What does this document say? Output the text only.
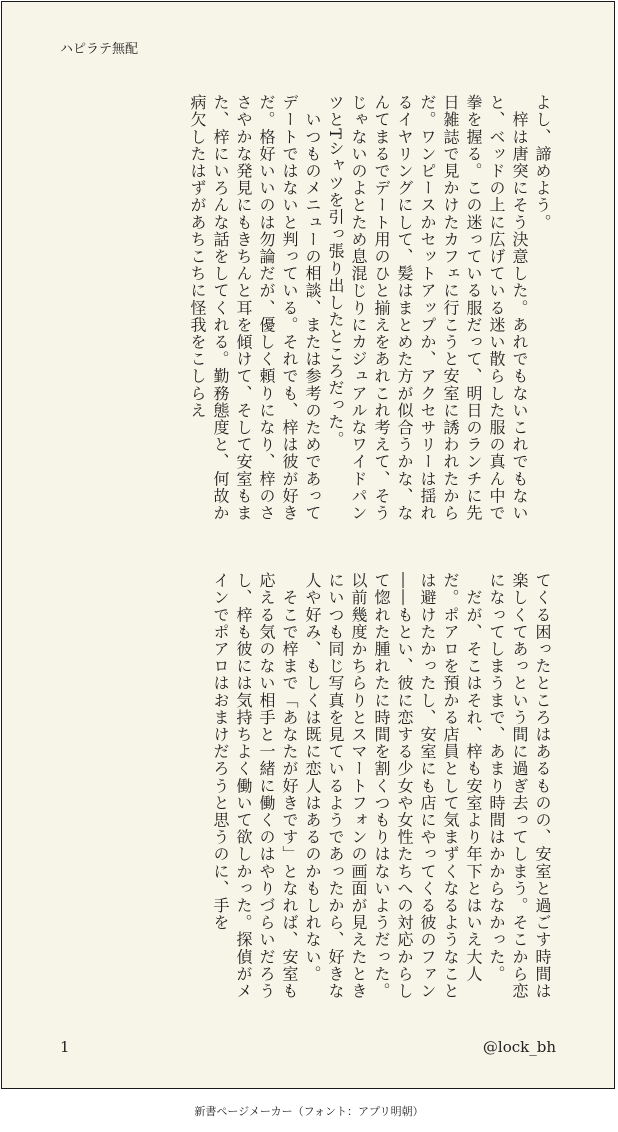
ハピラテ無配
よし、諦めよう。
　梓は唐突にそう決意した。あれでもないこれでもないと、ベッドの上に広げている迷い散らした服の真ん中で拳を握る。この迷っている服だって、明日のランチに先日雑誌で見かけたカフェに行こうと安室に誘われたからだ。ワンピースかセットアップか、アクセサリーは揺れるイヤリングにして、髪はまとめた方が似合うかな、なんてまるでデート用のひと揃えをあれこれ考えて、そうじゃないのよとため息混じりにカジュアルなワイドパンツとTシャツを引っ張り出したところだった。
　いつものメニューの相談、または参考のためであってデートではないと判っている。それでも、梓は彼が好きだ。格好いいのは勿論だが、優しく頼りになり、梓のささやかな発見にもきちんと耳を傾けて、そして安室もまた、梓にいろんな話をしてくれる。勤務態度と、何故か病欠したはずがあちこちに怪我をこしらえ
てくる困ったところはあるものの、安室と過ごす時間は楽しくてあっという間に過ぎ去ってしまう。そこから恋になってしまうまで、あまり時間はかからなかった。
　だが、そこはそれ、梓も安室より年下とはいえ大人だ。ポアロを預かる店員として気まずくなるようなことは避けたかったし、安室にも店にやってくる彼のファン――もとい、彼に恋する少女や女性たちへの対応からして惚れた腫れたに時間を割くつもりはないようだった。以前幾度かちらりとスマートフォンの画面が見えたときにいつも同じ写真を見ているようであったから、好きな人や好み、もしくは既に恋人はあるのかもしれない。
　そこで梓まで「あなたが好きです」となれば、安室も応える気のない相手と一緒に働くのはやりづらいだろうし、梓も彼には気持ちよく働いて欲しかった。探偵がメインでポアロはおまけだろうと思うのに、手を
1	@lock_bh
新書ページメーカー（フォント：アプリ明朝）
